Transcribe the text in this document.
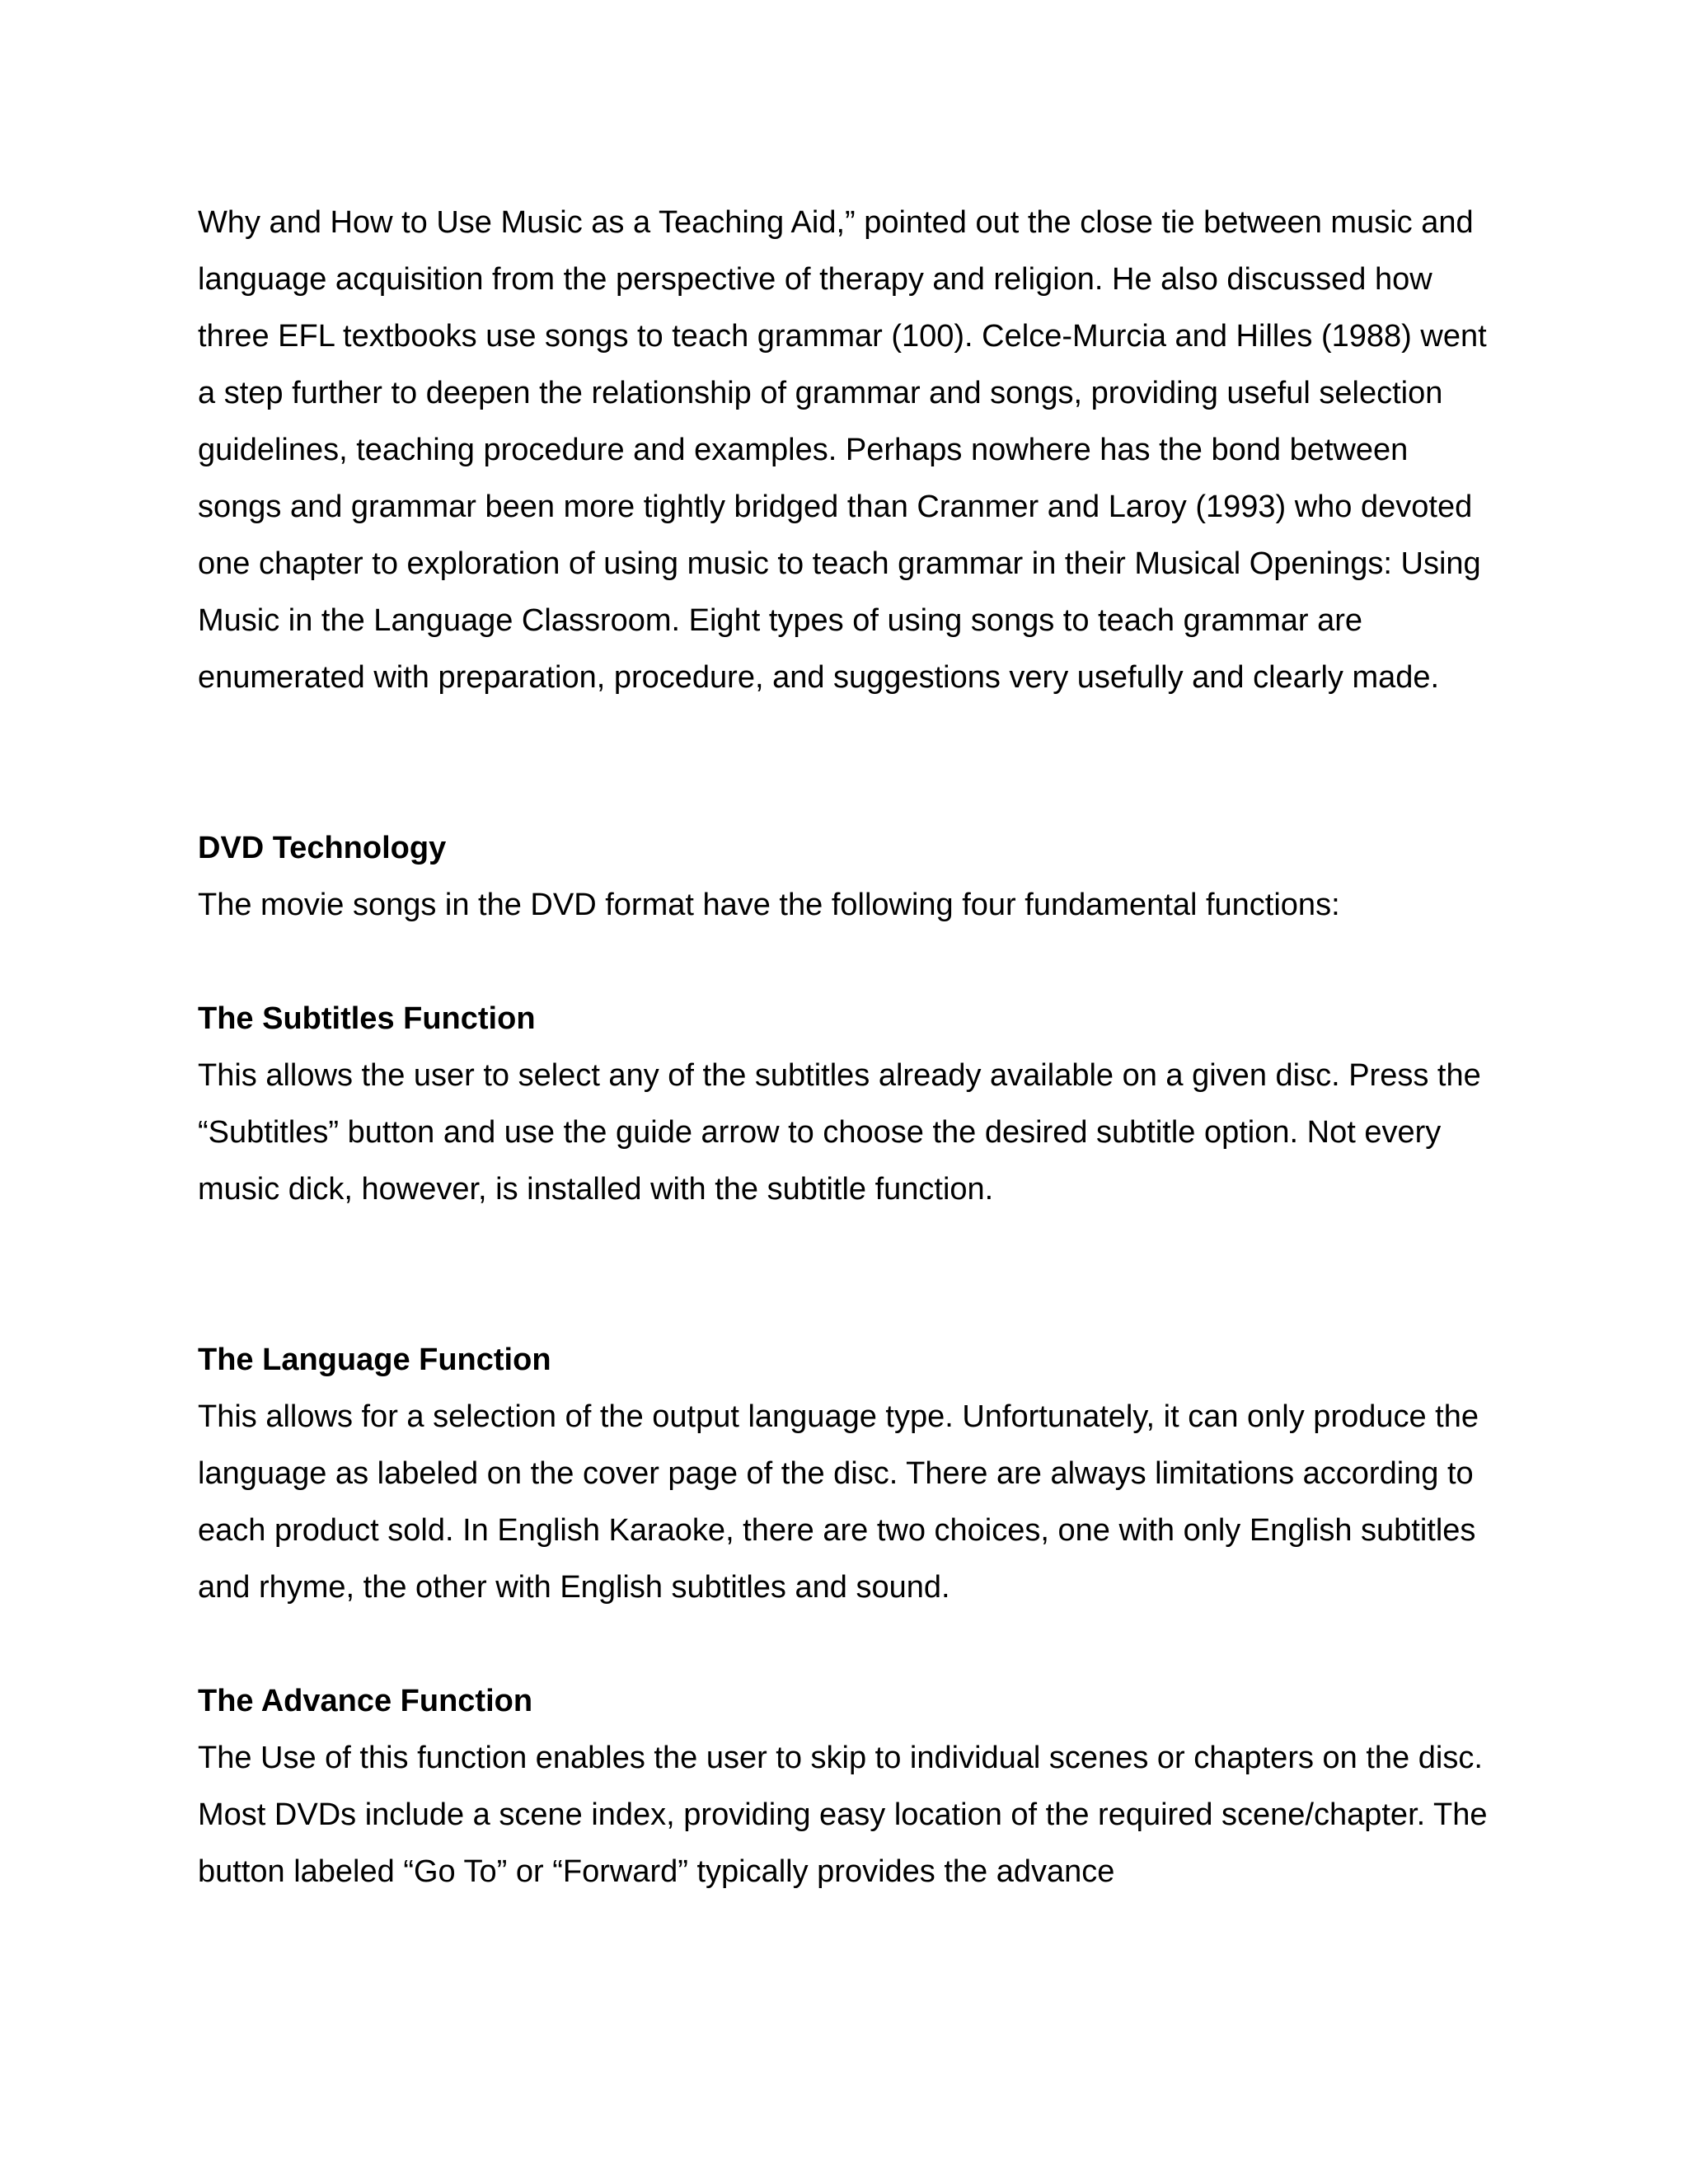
Why and How to Use Music as a Teaching Aid,” pointed out the close tie between music and language acquisition from the perspective of therapy and religion. He also discussed how three EFL textbooks use songs to teach grammar (100). Celce-Murcia and Hilles (1988) went a step further to deepen the relationship of grammar and songs, providing useful selection guidelines, teaching procedure and examples. Perhaps nowhere has the bond between songs and grammar been more tightly bridged than Cranmer and Laroy (1993) who devoted one chapter to exploration of using music to teach grammar in their Musical Openings: Using Music in the Language Classroom. Eight types of using songs to teach grammar are enumerated with preparation, procedure, and suggestions very usefully and clearly made.

DVD Technology

The movie songs in the DVD format have the following four fundamental functions:

The Subtitles Function

This allows the user to select any of the subtitles already available on a given disc. Press the “Subtitles” button and use the guide arrow to choose the desired subtitle option. Not every music dick, however, is installed with the subtitle function.

The Language Function

This allows for a selection of the output language type. Unfortunately, it can only produce the language as labeled on the cover page of the disc. There are always limitations according to each product sold. In English Karaoke, there are two choices, one with only English subtitles and rhyme, the other with English subtitles and sound.

The Advance Function

The Use of this function enables the user to skip to individual scenes or chapters on the disc. Most DVDs include a scene index, providing easy location of the required scene/chapter. The button labeled “Go To” or “Forward” typically provides the advance
